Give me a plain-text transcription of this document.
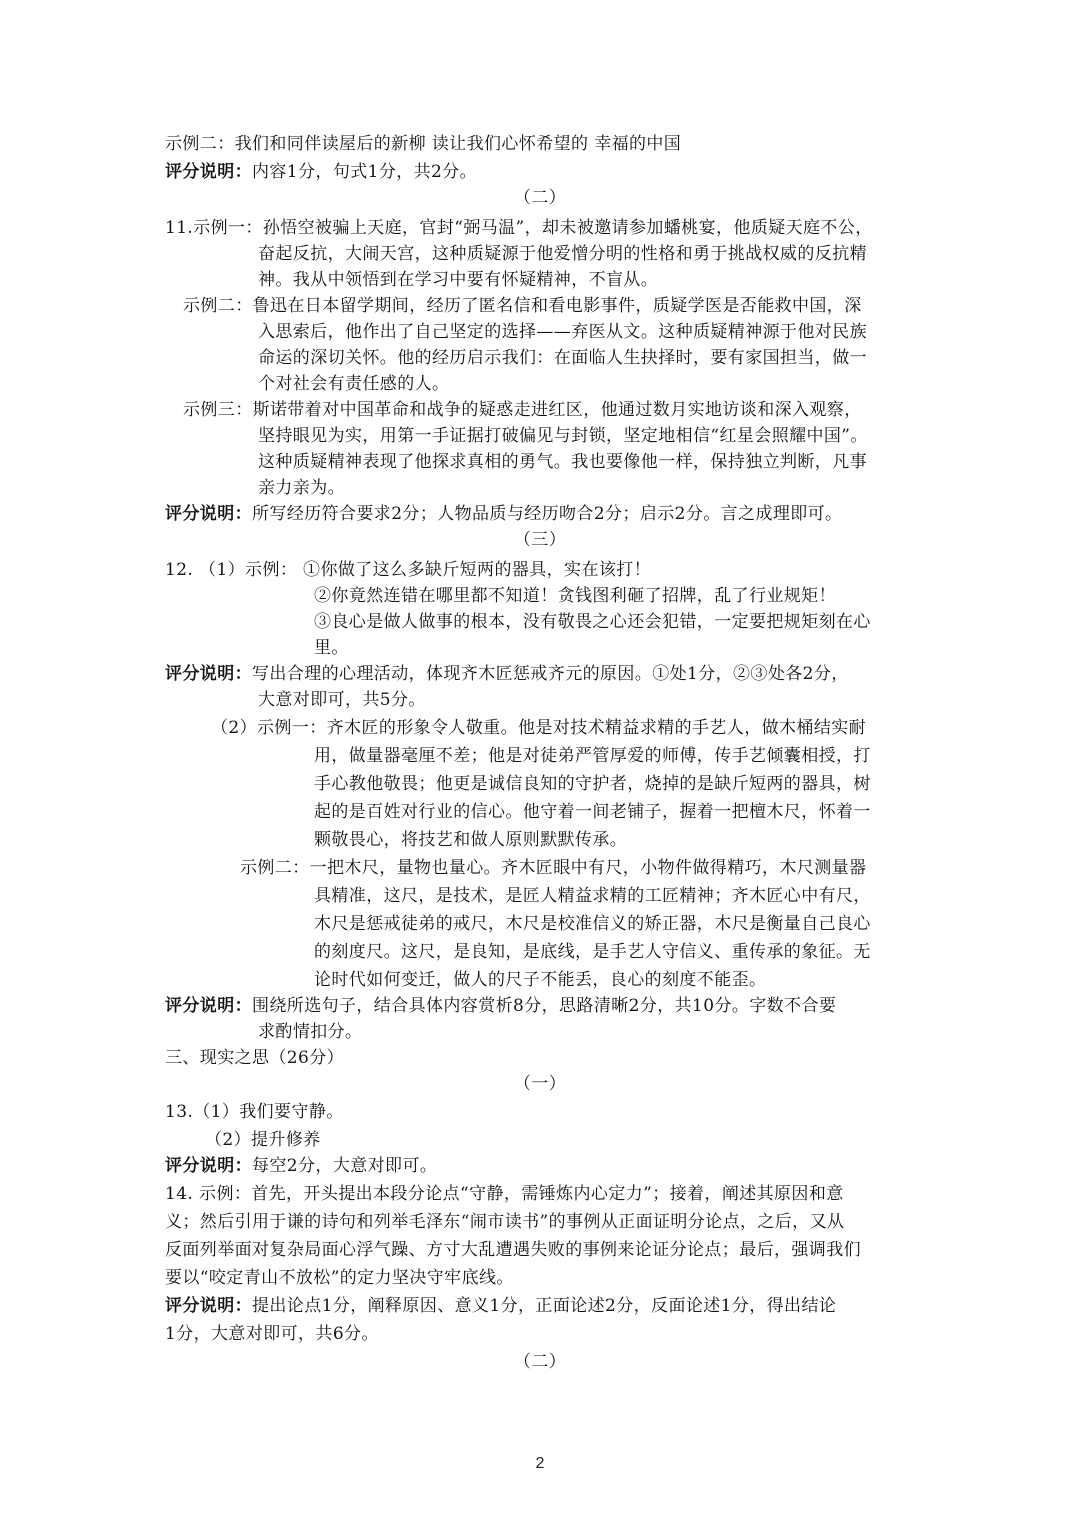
示例二：我们和同伴读屋后的新柳 读让我们心怀希望的 幸福的中国

评分说明：内容1分，句式1分，共2分。

（二）

11.示例一：孙悟空被骗上天庭，官封“弼马温”，却未被邀请参加蟠桃宴，他质疑天庭不公，

奋起反抗，大闹天宫，这种质疑源于他爱憎分明的性格和勇于挑战权威的反抗精

神。我从中领悟到在学习中要有怀疑精神，不盲从。

示例二：鲁迅在日本留学期间，经历了匿名信和看电影事件，质疑学医是否能救中国，深

入思索后，他作出了自己坚定的选择——弃医从文。这种质疑精神源于他对民族

命运的深切关怀。他的经历启示我们：在面临人生抉择时，要有家国担当，做一

个对社会有责任感的人。

示例三：斯诺带着对中国革命和战争的疑惑走进红区，他通过数月实地访谈和深入观察，

坚持眼见为实，用第一手证据打破偏见与封锁，坚定地相信“红星会照耀中国”。

这种质疑精神表现了他探求真相的勇气。我也要像他一样，保持独立判断，凡事

亲力亲为。

评分说明：所写经历符合要求2分；人物品质与经历吻合2分；启示2分。言之成理即可。

（三）

12. （1）示例： ①你做了这么多缺斤短两的器具，实在该打！

②你竟然连错在哪里都不知道！贪钱图利砸了招牌，乱了行业规矩！

③良心是做人做事的根本，没有敬畏之心还会犯错，一定要把规矩刻在心

里。

评分说明：写出合理的心理活动，体现齐木匠惩戒齐元的原因。①处1分，②③处各2分，

大意对即可，共5分。

（2）示例一：齐木匠的形象令人敬重。他是对技术精益求精的手艺人，做木桶结实耐

用，做量器毫厘不差；他是对徒弟严管厚爱的师傅，传手艺倾囊相授，打

手心教他敬畏；他更是诚信良知的守护者，烧掉的是缺斤短两的器具，树

起的是百姓对行业的信心。他守着一间老铺子，握着一把檀木尺，怀着一

颗敬畏心，将技艺和做人原则默默传承。

示例二：一把木尺，量物也量心。齐木匠眼中有尺，小物件做得精巧，木尺测量器

具精准，这尺，是技术，是匠人精益求精的工匠精神；齐木匠心中有尺，

木尺是惩戒徒弟的戒尺，木尺是校准信义的矫正器，木尺是衡量自己良心

的刻度尺。这尺，是良知，是底线，是手艺人守信义、重传承的象征。无

论时代如何变迁，做人的尺子不能丢，良心的刻度不能歪。

评分说明：围绕所选句子，结合具体内容赏析8分，思路清晰2分，共10分。字数不合要

求酌情扣分。

三、现实之思（26分）

（一）

13.（1）我们要守静。

（2）提升修养

评分说明：每空2分，大意对即可。

14. 示例：首先，开头提出本段分论点“守静，需锤炼内心定力”；接着，阐述其原因和意

义；然后引用于谦的诗句和列举毛泽东“闹市读书”的事例从正面证明分论点，之后，又从

反面列举面对复杂局面心浮气躁、方寸大乱遭遇失败的事例来论证分论点；最后，强调我们

要以“咬定青山不放松”的定力坚决守牢底线。

评分说明：提出论点1分，阐释原因、意义1分，正面论述2分，反面论述1分，得出结论

1分，大意对即可，共6分。

（二）

2
